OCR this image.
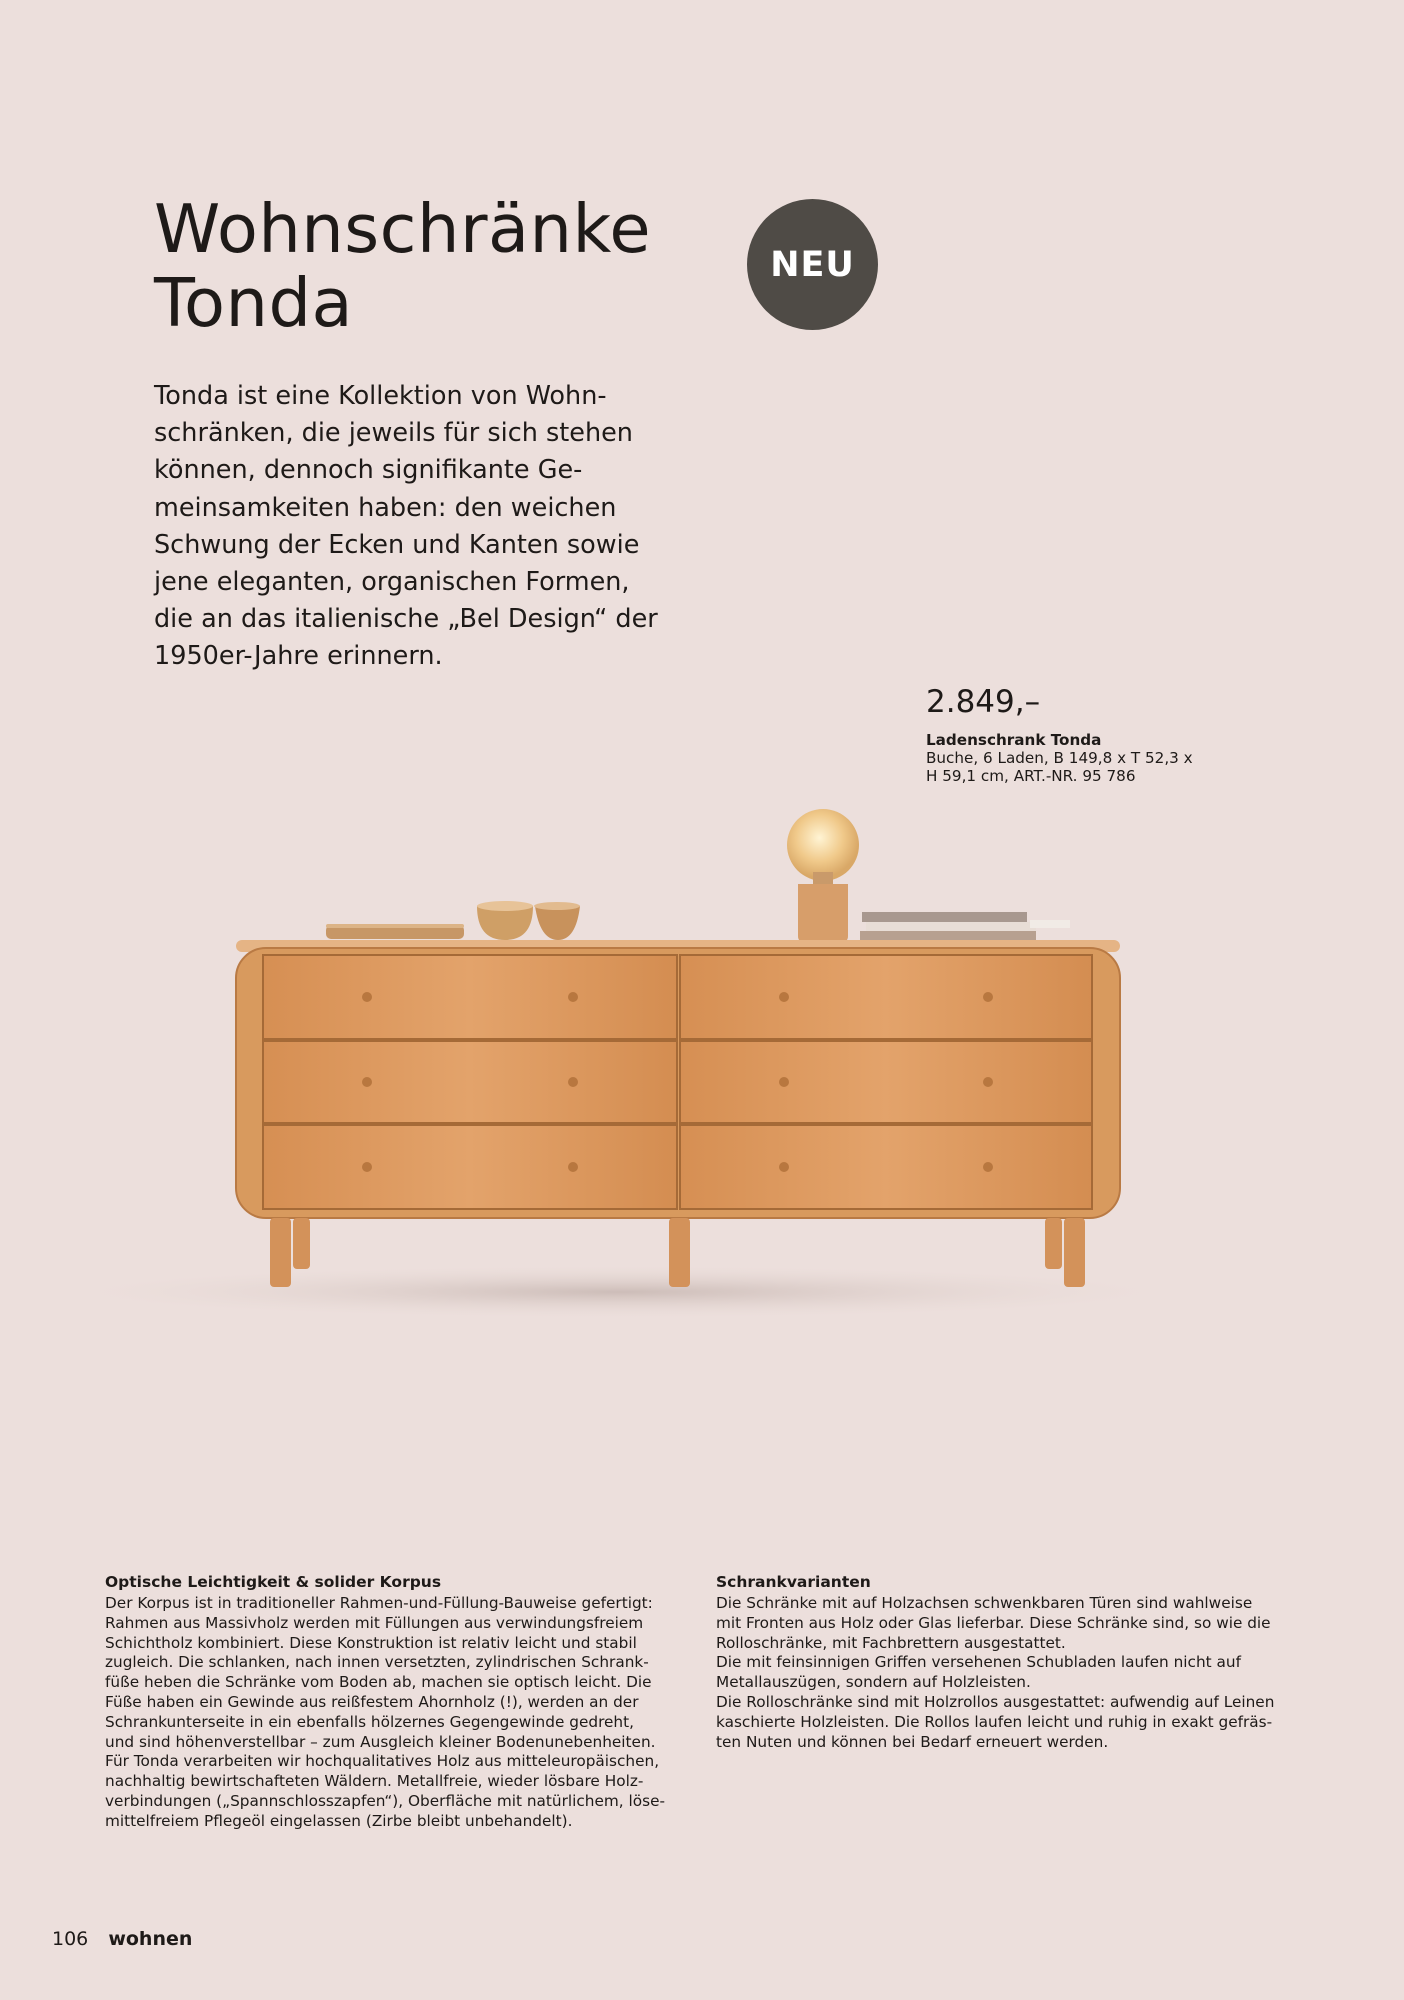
Wohnschränke
Tonda	NEU

Tonda ist eine Kollektion von Wohn-
schränken, die jeweils für sich stehen
können, dennoch signifikante Ge-
meinsamkeiten haben: den weichen
Schwung der Ecken und Kanten sowie
jene eleganten, organischen Formen,
die an das italienische „Bel Design“ der
1950er-Jahre erinnern.

2.849,–
Ladenschrank Tonda
Buche, 6 Laden, B 149,8 x T 52,3 x
H 59,1 cm, ART.-NR. 95 786
Optische Leichtigkeit & solider Korpus

Der Korpus ist in traditioneller Rahmen-und-Füllung-Bauweise gefertigt:
Rahmen aus Massivholz werden mit Füllungen aus verwindungsfreiem
Schichtholz kombiniert. Diese Konstruktion ist relativ leicht und stabil
zugleich. Die schlanken, nach innen versetzten, zylindrischen Schrank-
füße heben die Schränke vom Boden ab, machen sie optisch leicht. Die
Füße haben ein Gewinde aus reißfestem Ahornholz (!), werden an der
Schrankunterseite in ein ebenfalls hölzernes Gegengewinde gedreht,
und sind höhenverstellbar – zum Ausgleich kleiner Bodenunebenheiten.
Für Tonda verarbeiten wir hochqualitatives Holz aus mitteleuropäischen,
nachhaltig bewirtschafteten Wäldern. Metallfreie, wieder lösbare Holz-
verbindungen („Spannschlosszapfen“), Oberfläche mit natürlichem, löse-
mittelfreiem Pflegeöl eingelassen (Zirbe bleibt unbehandelt).

Schrankvarianten

Die Schränke mit auf Holzachsen schwenkbaren Türen sind wahlweise
mit Fronten aus Holz oder Glas lieferbar. Diese Schränke sind, so wie die
Rolloschränke, mit Fachbrettern ausgestattet.
Die mit feinsinnigen Griffen versehenen Schubladen laufen nicht auf
Metallauszügen, sondern auf Holzleisten.
Die Rolloschränke sind mit Holzrollos ausgestattet: aufwendig auf Leinen
kaschierte Holzleisten. Die Rollos laufen leicht und ruhig in exakt gefräs-
ten Nuten und können bei Bedarf erneuert werden.

106 wohnen
